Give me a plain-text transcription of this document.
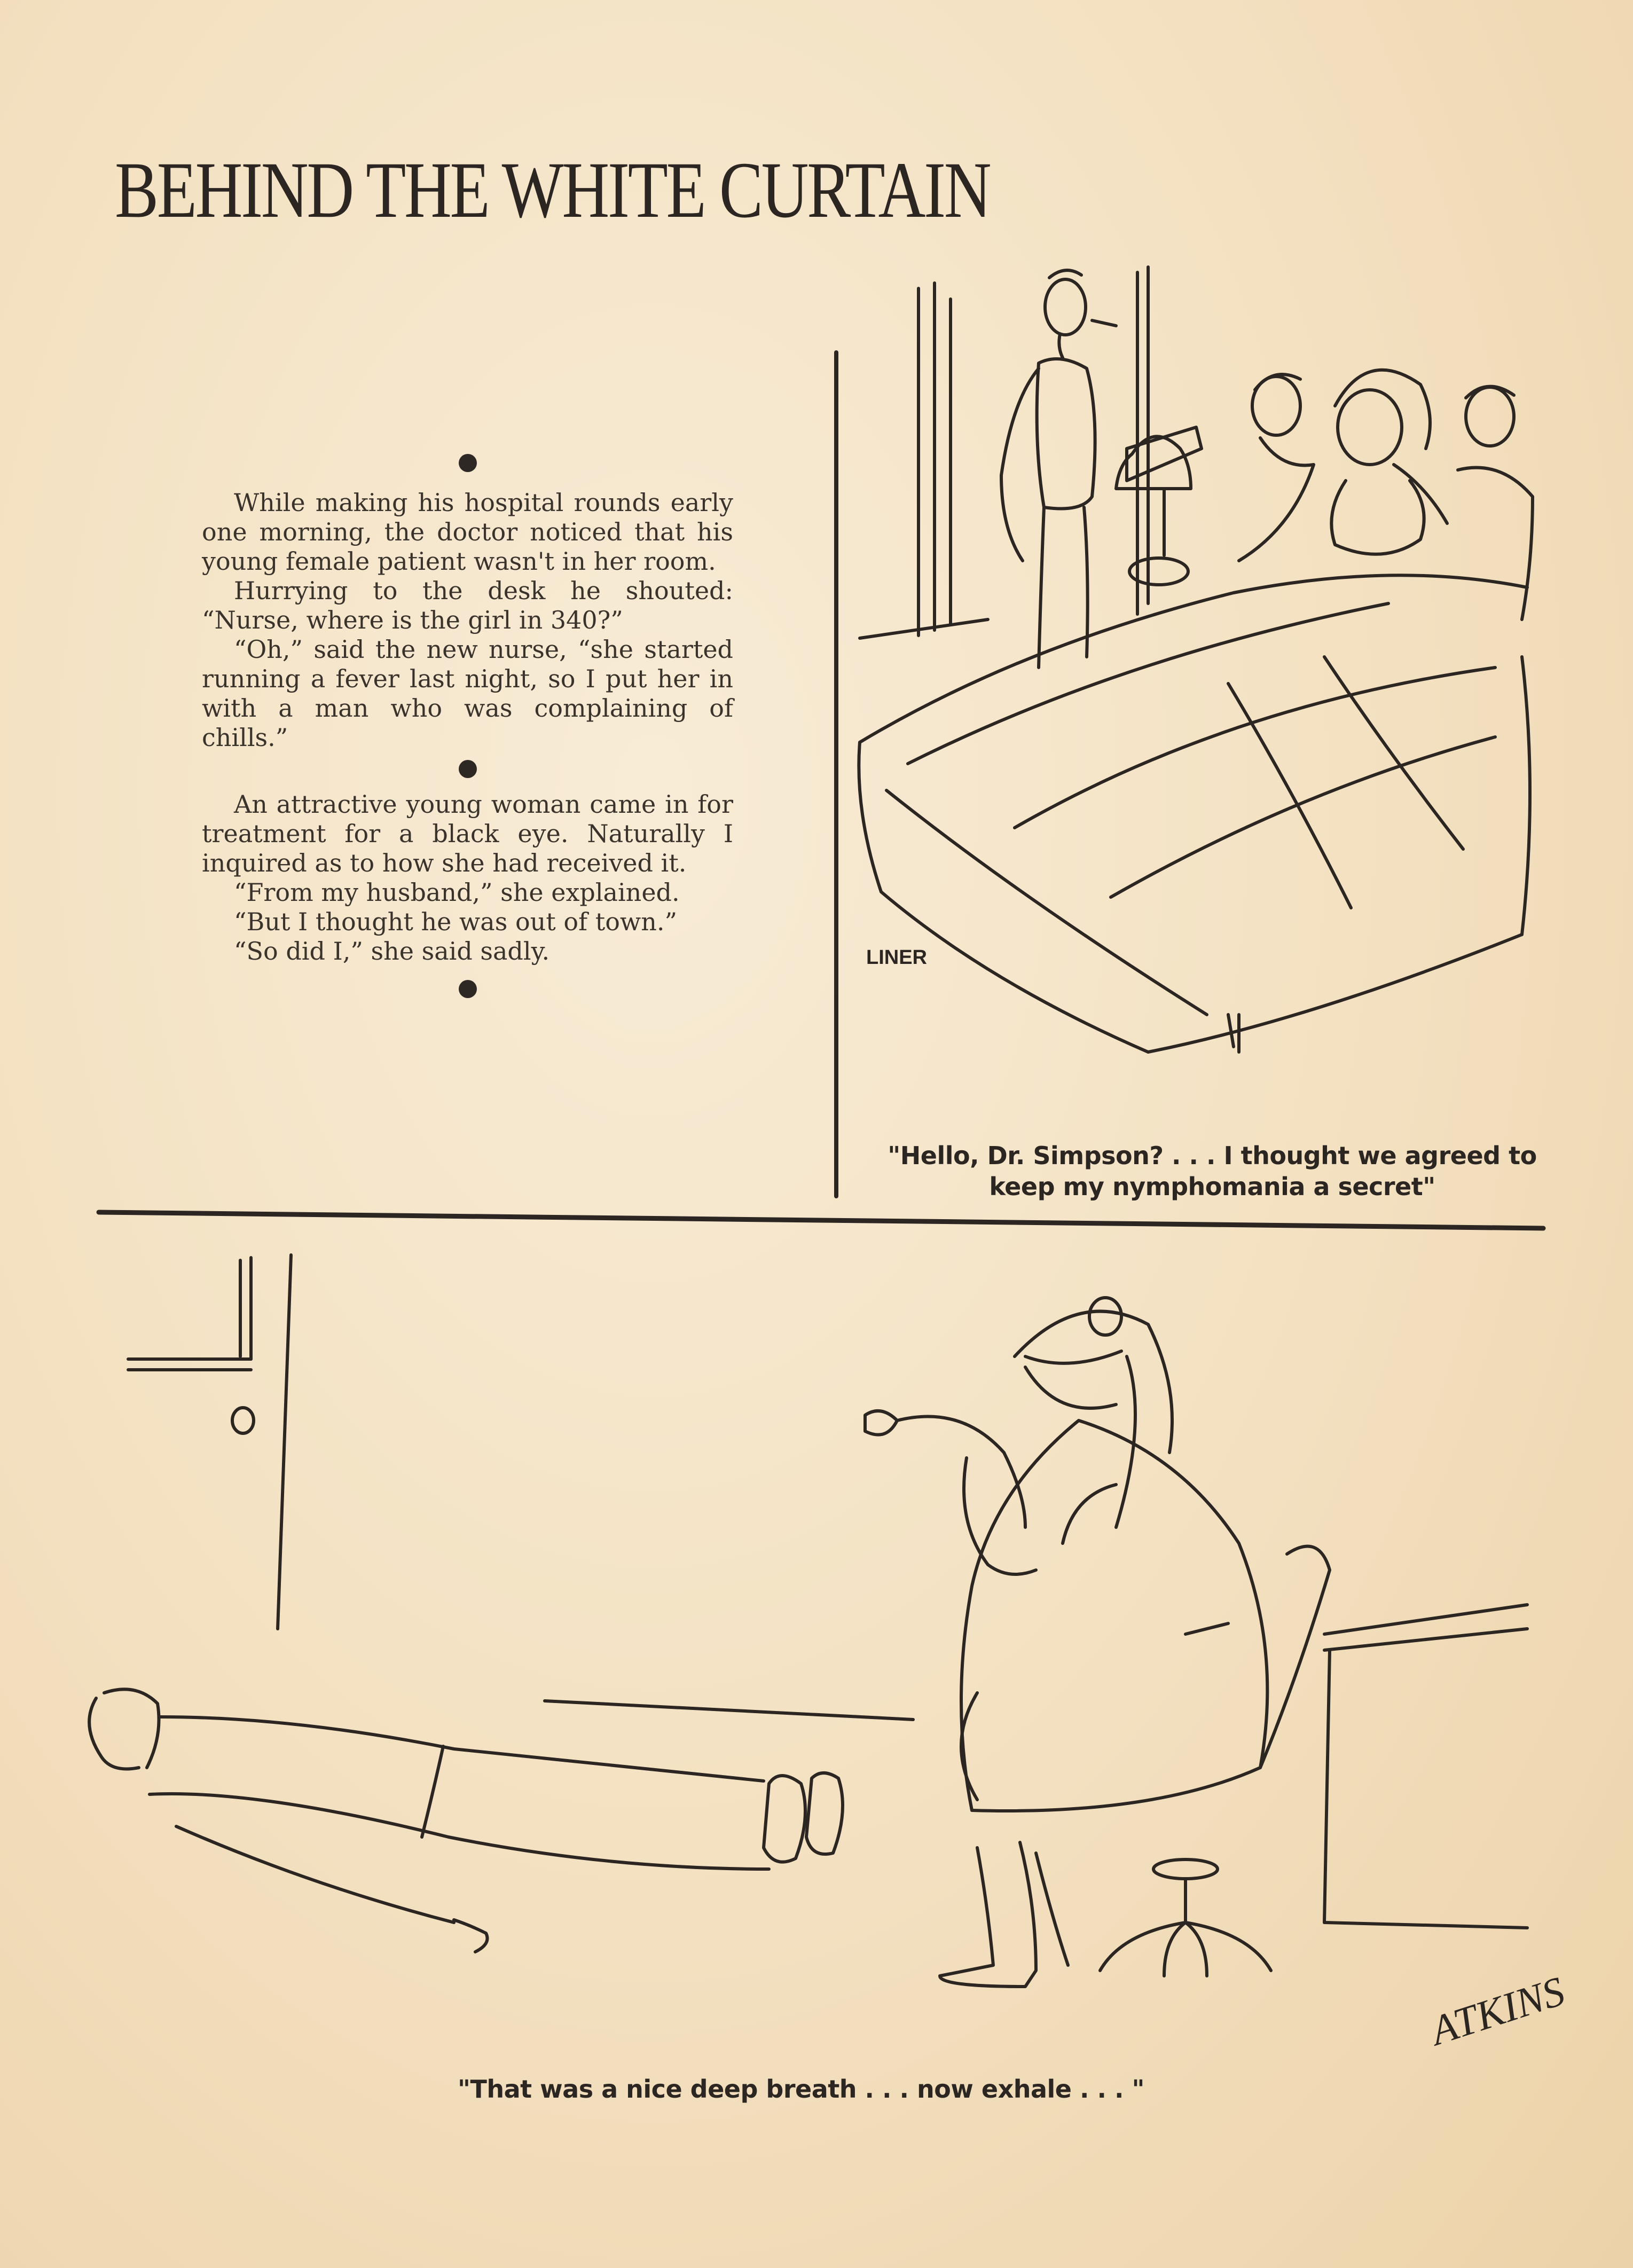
BEHIND THE WHITE CURTAIN

While making his hospital rounds early one morning, the doctor noticed that his young female patient wasn't in her room.

Hurrying to the desk he shouted: “Nurse, where is the girl in 340?”

“Oh,” said the new nurse, “she started running a fever last night, so I put her in with a man who was complaining of chills.”

An attractive young woman came in for treatment for a black eye. Naturally I inquired as to how she had received it.

“From my husband,” she explained.

“But I thought he was out of town.”

“So did I,” she said sadly.	LINER
ATKINS
"Hello, Dr. Simpson? . . . I thought we agreed to
keep my nymphomania a secret"
"That was a nice deep breath . . . now exhale . . . "
